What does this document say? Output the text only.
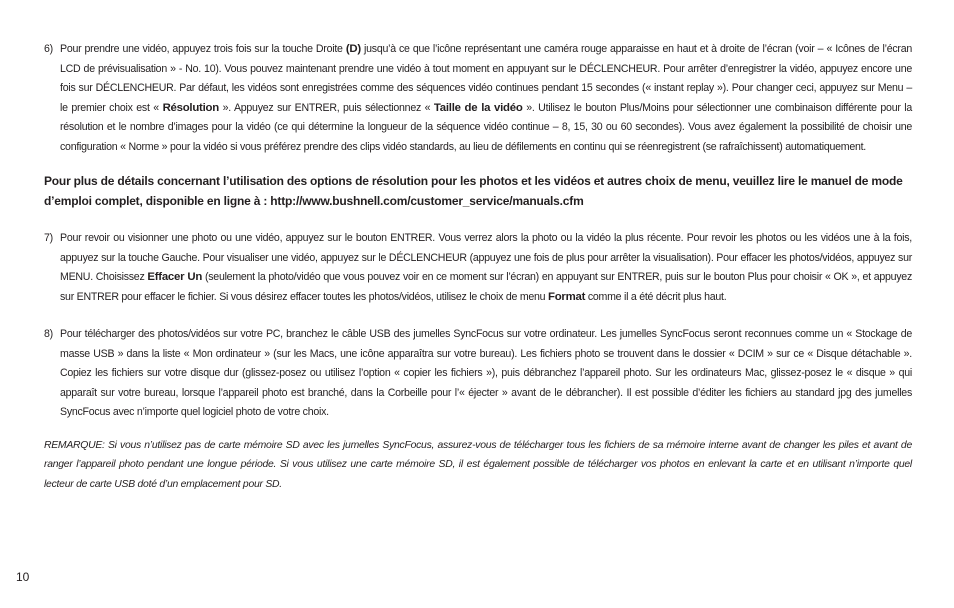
6) Pour prendre une vidéo, appuyez trois fois sur la touche Droite (D) jusqu’à ce que l’icône représentant une caméra rouge apparaisse en haut et à droite de l’écran (voir – « Icônes de l’écran LCD de prévisualisation » - No. 10). Vous pouvez maintenant prendre une vidéo à tout moment en appuyant sur le DÉCLENCHEUR. Pour arrêter d’enregistrer la vidéo, appuyez encore une fois sur DÉCLENCHEUR. Par défaut, les vidéos sont enregistrées comme des séquences vidéo continues pendant 15 secondes (« instant replay »). Pour changer ceci, appuyez sur Menu – le premier choix est « Résolution ». Appuyez sur ENTRER, puis sélectionnez « Taille de la vidéo ». Utilisez le bouton Plus/Moins pour sélectionner une combinaison différente pour la résolution et le nombre d’images pour la vidéo (ce qui détermine la longueur de la séquence vidéo continue – 8, 15, 30 ou 60 secondes). Vous avez également la possibilité de choisir une configuration « Norme » pour la vidéo si vous préférez prendre des clips vidéo standards, au lieu de défilements en continu qui se réenregistrent (se rafraîchissent) automatiquement.
Pour plus de détails concernant l’utilisation des options de résolution pour les photos et les vidéos et autres choix de menu, veuillez lire le manuel de mode d’emploi complet, disponible en ligne à : http://www.bushnell.com/customer_service/manuals.cfm
7) Pour revoir ou visionner une photo ou une vidéo, appuyez sur le bouton ENTRER. Vous verrez alors la photo ou la vidéo la plus récente. Pour revoir les photos ou les vidéos une à la fois, appuyez sur la touche Gauche. Pour visualiser une vidéo, appuyez sur le DÉCLENCHEUR (appuyez une fois de plus pour arrêter la visualisation). Pour effacer les photos/vidéos, appuyez sur MENU. Choisissez Effacer Un (seulement la photo/vidéo que vous pouvez voir en ce moment sur l’écran) en appuyant sur ENTRER, puis sur le bouton Plus pour choisir « OK », et appuyez sur ENTRER pour effacer le fichier. Si vous désirez effacer toutes les photos/vidéos, utilisez le choix de menu Format comme il a été décrit plus haut.
8) Pour télécharger des photos/vidéos sur votre PC, branchez le câble USB des jumelles SyncFocus sur votre ordinateur. Les jumelles SyncFocus seront reconnues comme un « Stockage de masse USB » dans la liste « Mon ordinateur » (sur les Macs, une icône apparaîtra sur votre bureau). Les fichiers photo se trouvent dans le dossier « DCIM » sur ce « Disque détachable ». Copiez les fichiers sur votre disque dur (glissez-posez ou utilisez l’option « copier les fichiers »), puis débranchez l’appareil photo. Sur les ordinateurs Mac, glissez-posez le « disque » qui apparaît sur votre bureau, lorsque l’appareil photo est branché, dans la Corbeille pour l’« éjecter » avant de le débrancher). Il est possible d’éditer les fichiers au standard jpg des jumelles SyncFocus avec n’importe quel logiciel photo de votre choix.
REMARQUE: Si vous n’utilisez pas de carte mémoire SD avec les jumelles SyncFocus, assurez-vous de télécharger tous les fichiers de sa mémoire interne avant de changer les piles et avant de ranger l’appareil photo pendant une longue période. Si vous utilisez une carte mémoire SD, il est également possible de télécharger vos photos en enlevant la carte et en utilisant n’importe quel lecteur de carte USB doté d’un emplacement pour SD.
10
